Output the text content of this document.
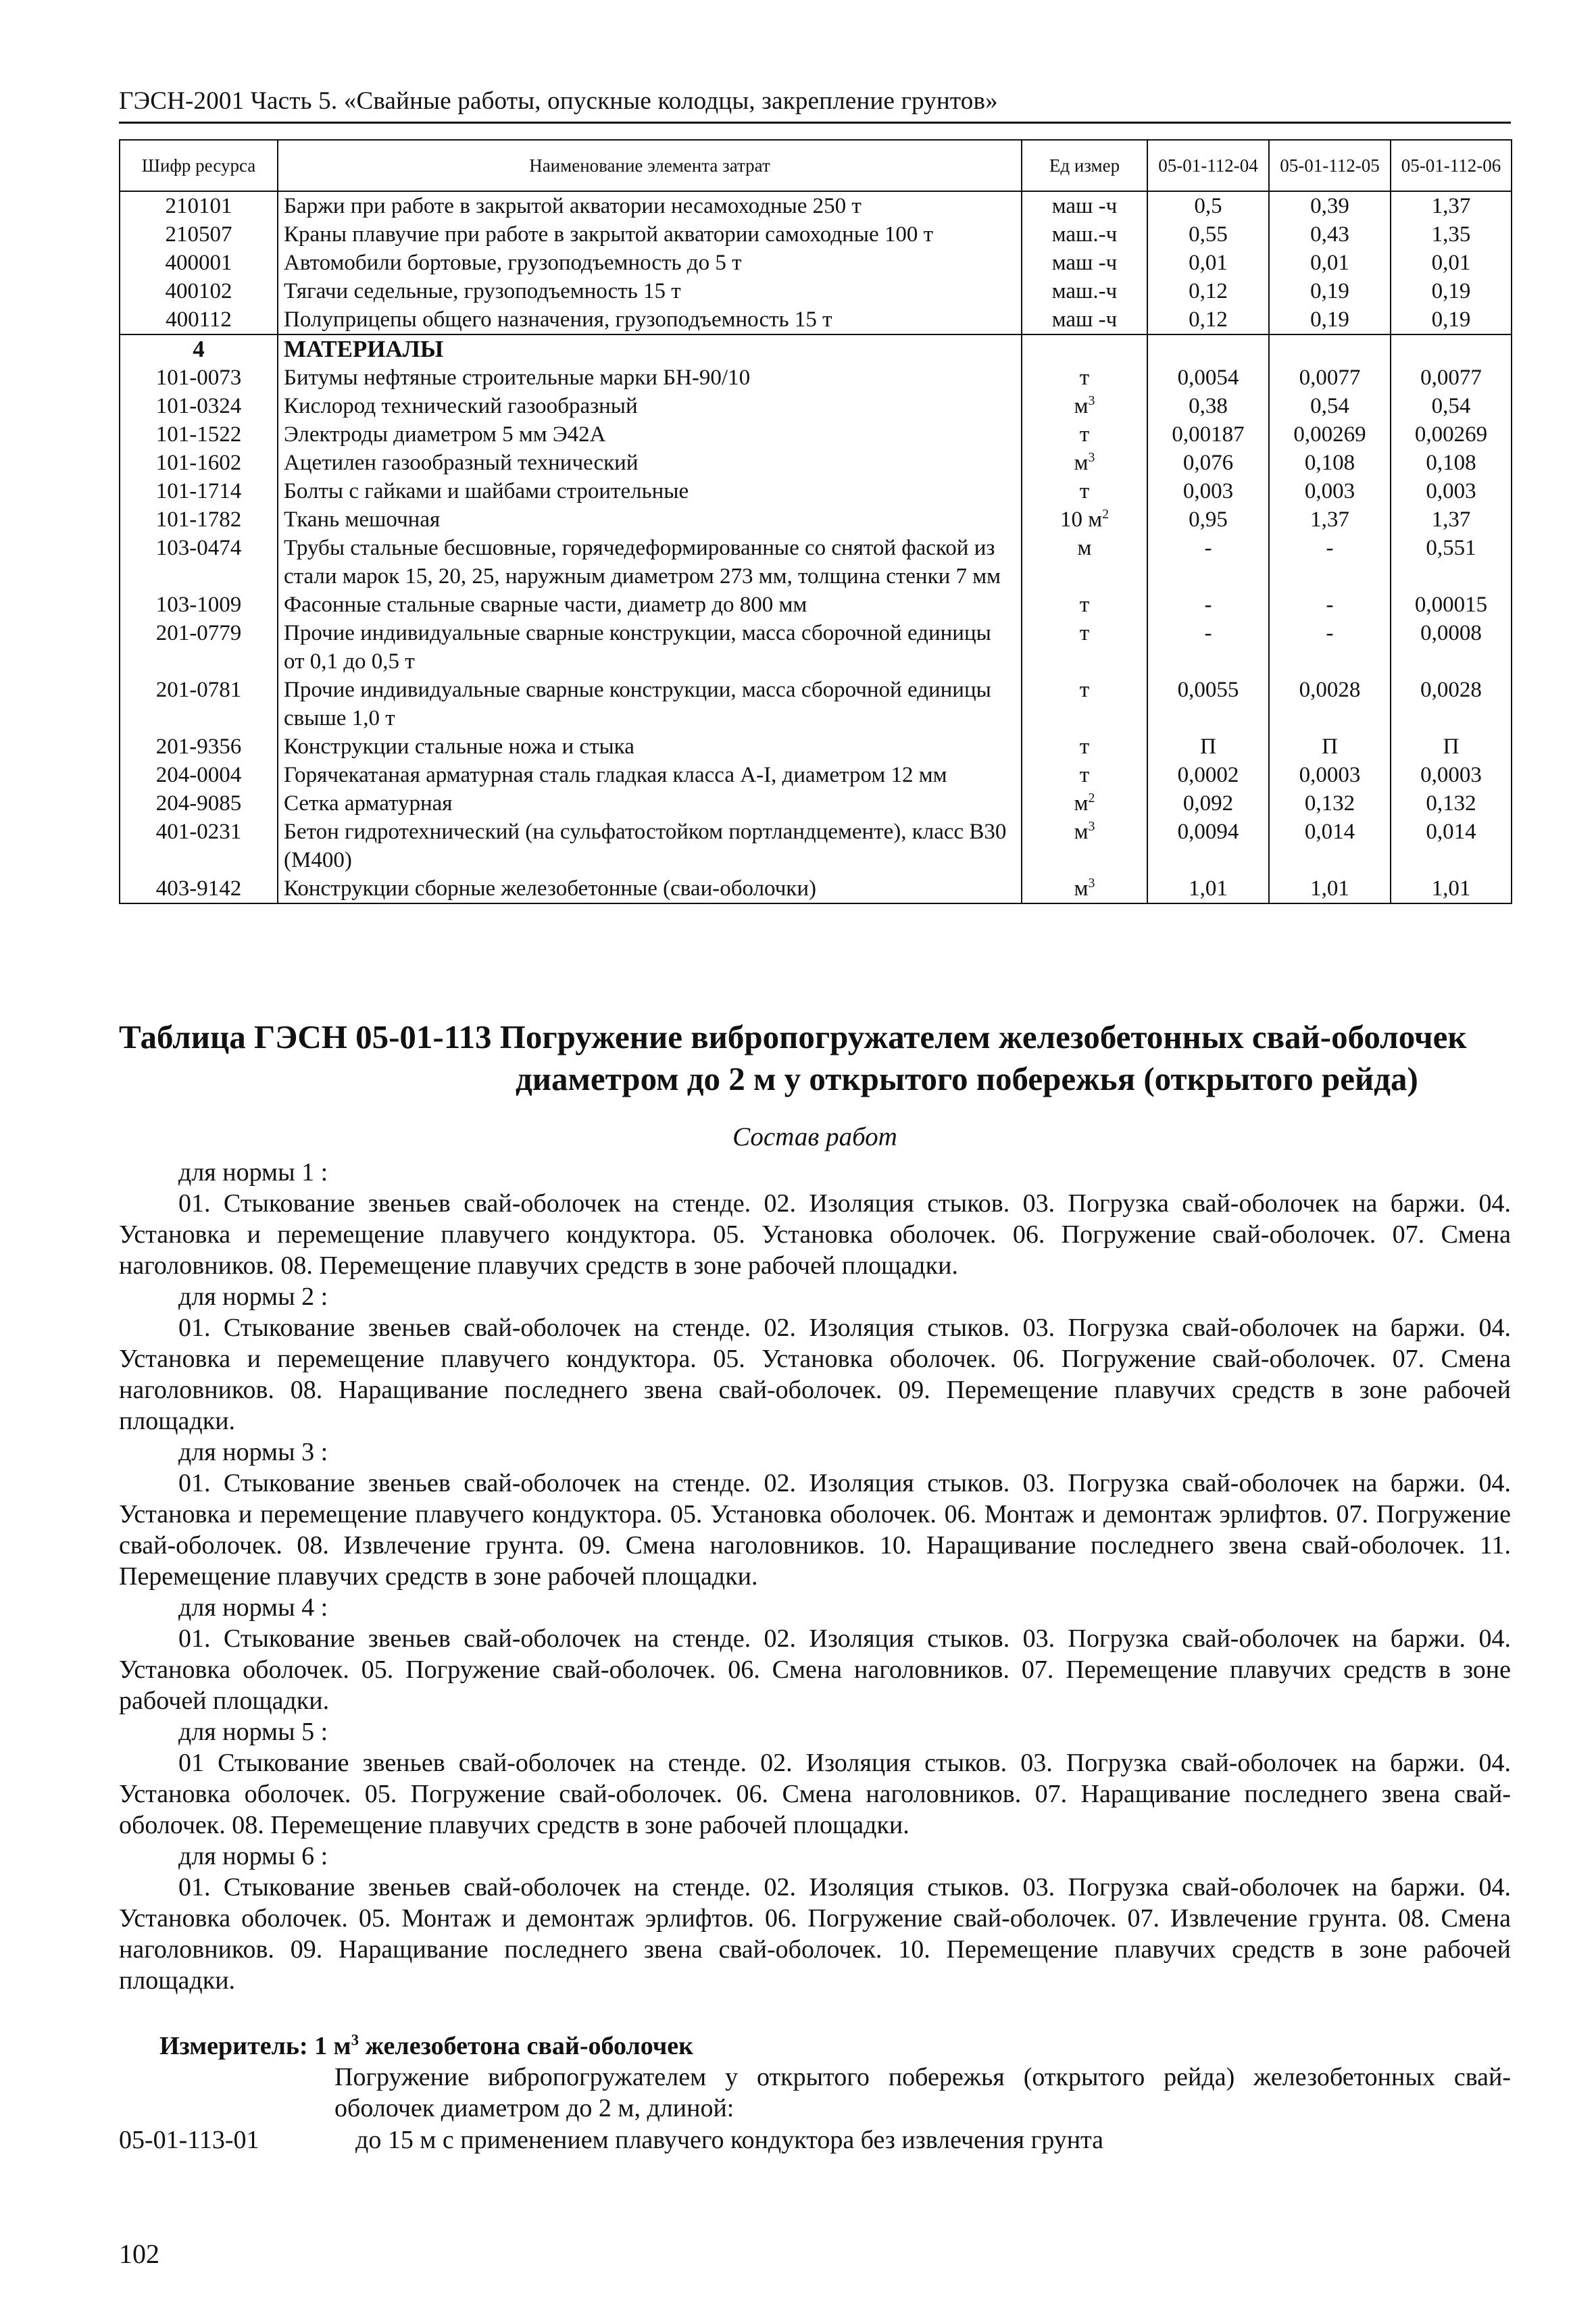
ГЭСН-2001 Часть 5. «Свайные работы, опускные колодцы, закрепление грунтов»
Шифр ресурса	Наименование элемента затрат	Ед измер	05-01-112-04	05-01-112-05	05-01-112-06
210101	Баржи при работе в закрытой акватории несамоходные 250 т	маш -ч	0,5	0,39	1,37
210507	Краны плавучие при работе в закрытой акватории самоходные 100 т	маш.-ч	0,55	0,43	1,35
400001	Автомобили бортовые, грузоподъемность до 5 т	маш -ч	0,01	0,01	0,01
400102	Тягачи седельные, грузоподъемность 15 т	маш.-ч	0,12	0,19	0,19
400112	Полуприцепы общего назначения, грузоподъемность 15 т	маш -ч	0,12	0,19	0,19
4	МАТЕРИАЛЫ				
101-0073	Битумы нефтяные строительные марки БН-90/10	т	0,0054	0,0077	0,0077
101-0324	Кислород технический газообразный	$м^3$	0,38	0,54	0,54
101-1522	Электроды диаметром 5 мм Э42А	т	0,00187	0,00269	0,00269
101-1602	Ацетилен газообразный технический	$м^3$	0,076	0,108	0,108
101-1714	Болты с гайками и шайбами строительные	т	0,003	0,003	0,003
101-1782	Ткань мешочная	10 $м^2$	0,95	1,37	1,37
103-0474	Трубы стальные бесшовные, горячедеформированные со снятой фаской из стали марок 15, 20, 25, наружным диаметром 273 мм, толщина стенки 7 мм	м	-	-	0,551
103-1009	Фасонные стальные сварные части, диаметр до 800 мм	т	-	-	0,00015
201-0779	Прочие индивидуальные сварные конструкции, масса сборочной единицы от 0,1 до 0,5 т	т	-	-	0,0008
201-0781	Прочие индивидуальные сварные конструкции, масса сборочной единицы свыше 1,0 т	т	0,0055	0,0028	0,0028
201-9356	Конструкции стальные ножа и стыка	т	П	П	П
204-0004	Горячекатаная арматурная сталь гладкая класса А-I, диаметром 12 мм	т	0,0002	0,0003	0,0003
204-9085	Сетка арматурная	$м^2$	0,092	0,132	0,132
401-0231	Бетон гидротехнический (на сульфатостойком портландцементе), класс В30 (М400)	$м^3$	0,0094	0,014	0,014
403-9142	Конструкции сборные железобетонные (сваи-оболочки)	$м^3$	1,01	1,01	1,01
Таблица ГЭСН 05-01-113 Погружение вибропогружателем железобетонных свай-оболочек
диаметром до 2 м у открытого побережья (открытого рейда)
Состав работ
для нормы 1 :
01. Стыкование звеньев свай-оболочек на стенде. 02. Изоляция стыков. 03. Погрузка свай-оболочек на баржи. 04. Установка и перемещение плавучего кондуктора. 05. Установка оболочек. 06. Погружение свай-оболочек. 07. Смена наголовников. 08. Перемещение плавучих средств в зоне рабочей площадки.
для нормы 2 :
01. Стыкование звеньев свай-оболочек на стенде. 02. Изоляция стыков. 03. Погрузка свай-оболочек на баржи. 04. Установка и перемещение плавучего кондуктора. 05. Установка оболочек. 06. Погружение свай-оболочек. 07. Смена наголовников. 08. Наращивание последнего звена свай-оболочек. 09. Перемещение плавучих средств в зоне рабочей площадки.
для нормы 3 :
01. Стыкование звеньев свай-оболочек на стенде. 02. Изоляция стыков. 03. Погрузка свай-оболочек на баржи. 04. Установка и перемещение плавучего кондуктора. 05. Установка оболочек. 06. Монтаж и демонтаж эрлифтов. 07. Погружение свай-оболочек. 08. Извлечение грунта. 09. Смена наголовников. 10. Наращивание последнего звена свай-оболочек. 11. Перемещение плавучих средств в зоне рабочей площадки.
для нормы 4 :
01. Стыкование звеньев свай-оболочек на стенде. 02. Изоляция стыков. 03. Погрузка свай-оболочек на баржи. 04. Установка оболочек. 05. Погружение свай-оболочек. 06. Смена наголовников. 07. Перемещение плавучих средств в зоне рабочей площадки.
для нормы 5 :
01 Стыкование звеньев свай-оболочек на стенде. 02. Изоляция стыков. 03. Погрузка свай-оболочек на баржи. 04. Установка оболочек. 05. Погружение свай-оболочек. 06. Смена наголовников. 07. Наращивание последнего звена свай-оболочек. 08. Перемещение плавучих средств в зоне рабочей площадки.
для нормы 6 :
01. Стыкование звеньев свай-оболочек на стенде. 02. Изоляция стыков. 03. Погрузка свай-оболочек на баржи. 04. Установка оболочек. 05. Монтаж и демонтаж эрлифтов. 06. Погружение свай-оболочек. 07. Извлечение грунта. 08. Смена наголовников. 09. Наращивание последнего звена свай-оболочек. 10. Перемещение плавучих средств в зоне рабочей площадки.
Измеритель: 1 $м^3$ железобетона свай-оболочек
Погружение вибропогружателем у открытого побережья (открытого рейда) железобетонных свай-оболочек диаметром до 2 м, длиной:
05-01-113-01	до 15 м с применением плавучего кондуктора без извлечения грунта
102
